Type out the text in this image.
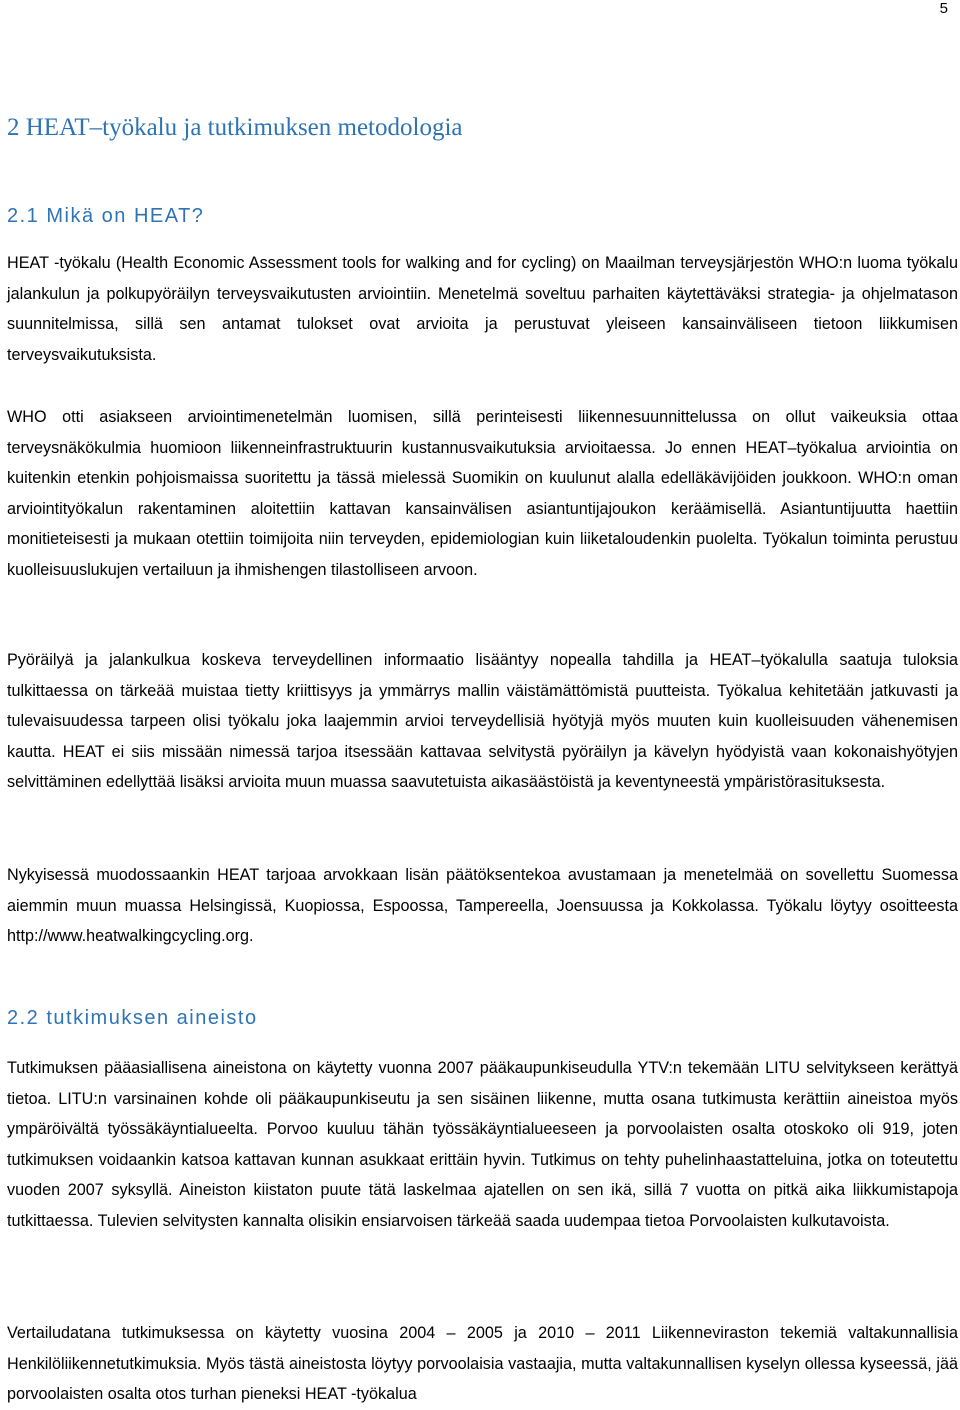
5
2 HEAT–työkalu ja tutkimuksen metodologia
2.1 Mikä on HEAT?

HEAT -työkalu (Health Economic Assessment tools for walking and for cycling) on Maailman terveysjärjestön WHO:n luoma työkalu jalankulun ja polkupyöräilyn terveysvaikutusten arviointiin. Menetelmä soveltuu parhaiten käytettäväksi strategia- ja ohjelmatason suunnitelmissa, sillä sen antamat tulokset ovat arvioita ja perustuvat yleiseen kansainväliseen tietoon liikkumisen terveysvaikutuksista.

WHO otti asiakseen arviointimenetelmän luomisen, sillä perinteisesti liikennesuunnittelussa on ollut vaikeuksia ottaa terveysnäkökulmia huomioon liikenneinfrastruktuurin kustannusvaikutuksia arvioitaessa. Jo ennen HEAT–työkalua arviointia on kuitenkin etenkin pohjoismaissa suoritettu ja tässä mielessä Suomikin on kuulunut alalla edelläkävijöiden joukkoon. WHO:n oman arviointityökalun rakentaminen aloitettiin kattavan kansainvälisen asiantuntijajoukon keräämisellä. Asiantuntijuutta haettiin monitieteisesti ja mukaan otettiin toimijoita niin terveyden, epidemiologian kuin liiketaloudenkin puolelta. Työkalun toiminta perustuu kuolleisuuslukujen vertailuun ja ihmishengen tilastolliseen arvoon.

Pyöräilyä ja jalankulkua koskeva terveydellinen informaatio lisääntyy nopealla tahdilla ja HEAT–työkalulla saatuja tuloksia tulkittaessa on tärkeää muistaa tietty kriittisyys ja ymmärrys mallin väistämättömistä puutteista. Työkalua kehitetään jatkuvasti ja tulevaisuudessa tarpeen olisi työkalu joka laajemmin arvioi terveydellisiä hyötyjä myös muuten kuin kuolleisuuden vähenemisen kautta. HEAT ei siis missään nimessä tarjoa itsessään kattavaa selvitystä pyöräilyn ja kävelyn hyödyistä vaan kokonaishyötyjen selvittäminen edellyttää lisäksi arvioita muun muassa saavutetuista aikasäästöistä ja keventyneestä ympäristörasituksesta.

Nykyisessä muodossaankin HEAT tarjoaa arvokkaan lisän päätöksentekoa avustamaan ja menetelmää on sovellettu Suomessa aiemmin muun muassa Helsingissä, Kuopiossa, Espoossa, Tampereella, Joensuussa ja Kokkolassa. Työkalu löytyy osoitteesta http://www.heatwalkingcycling.org.

2.2 tutkimuksen aineisto

Tutkimuksen pääasiallisena aineistona on käytetty vuonna 2007 pääkaupunkiseudulla YTV:n tekemään LITU selvitykseen kerättyä tietoa. LITU:n varsinainen kohde oli pääkaupunkiseutu ja sen sisäinen liikenne, mutta osana tutkimusta kerättiin aineistoa myös ympäröivältä työssäkäyntialueelta. Porvoo kuuluu tähän työssäkäyntialueeseen ja porvoolaisten osalta otoskoko oli 919, joten tutkimuksen voidaankin katsoa kattavan kunnan asukkaat erittäin hyvin. Tutkimus on tehty puhelinhaastatteluina, jotka on toteutettu vuoden 2007 syksyllä. Aineiston kiistaton puute tätä laskelmaa ajatellen on sen ikä, sillä 7 vuotta on pitkä aika liikkumistapoja tutkittaessa. Tulevien selvitysten kannalta olisikin ensiarvoisen tärkeää saada uudempaa tietoa Porvoolaisten kulkutavoista.

Vertailudatana tutkimuksessa on käytetty vuosina 2004 – 2005 ja 2010 – 2011 Liikenneviraston tekemiä valtakunnallisia Henkilöliikennetutkimuksia. Myös tästä aineistosta löytyy porvoolaisia vastaajia, mutta valtakunnallisen kyselyn ollessa kyseessä, jää porvoolaisten osalta otos turhan pieneksi HEAT -työkalua
